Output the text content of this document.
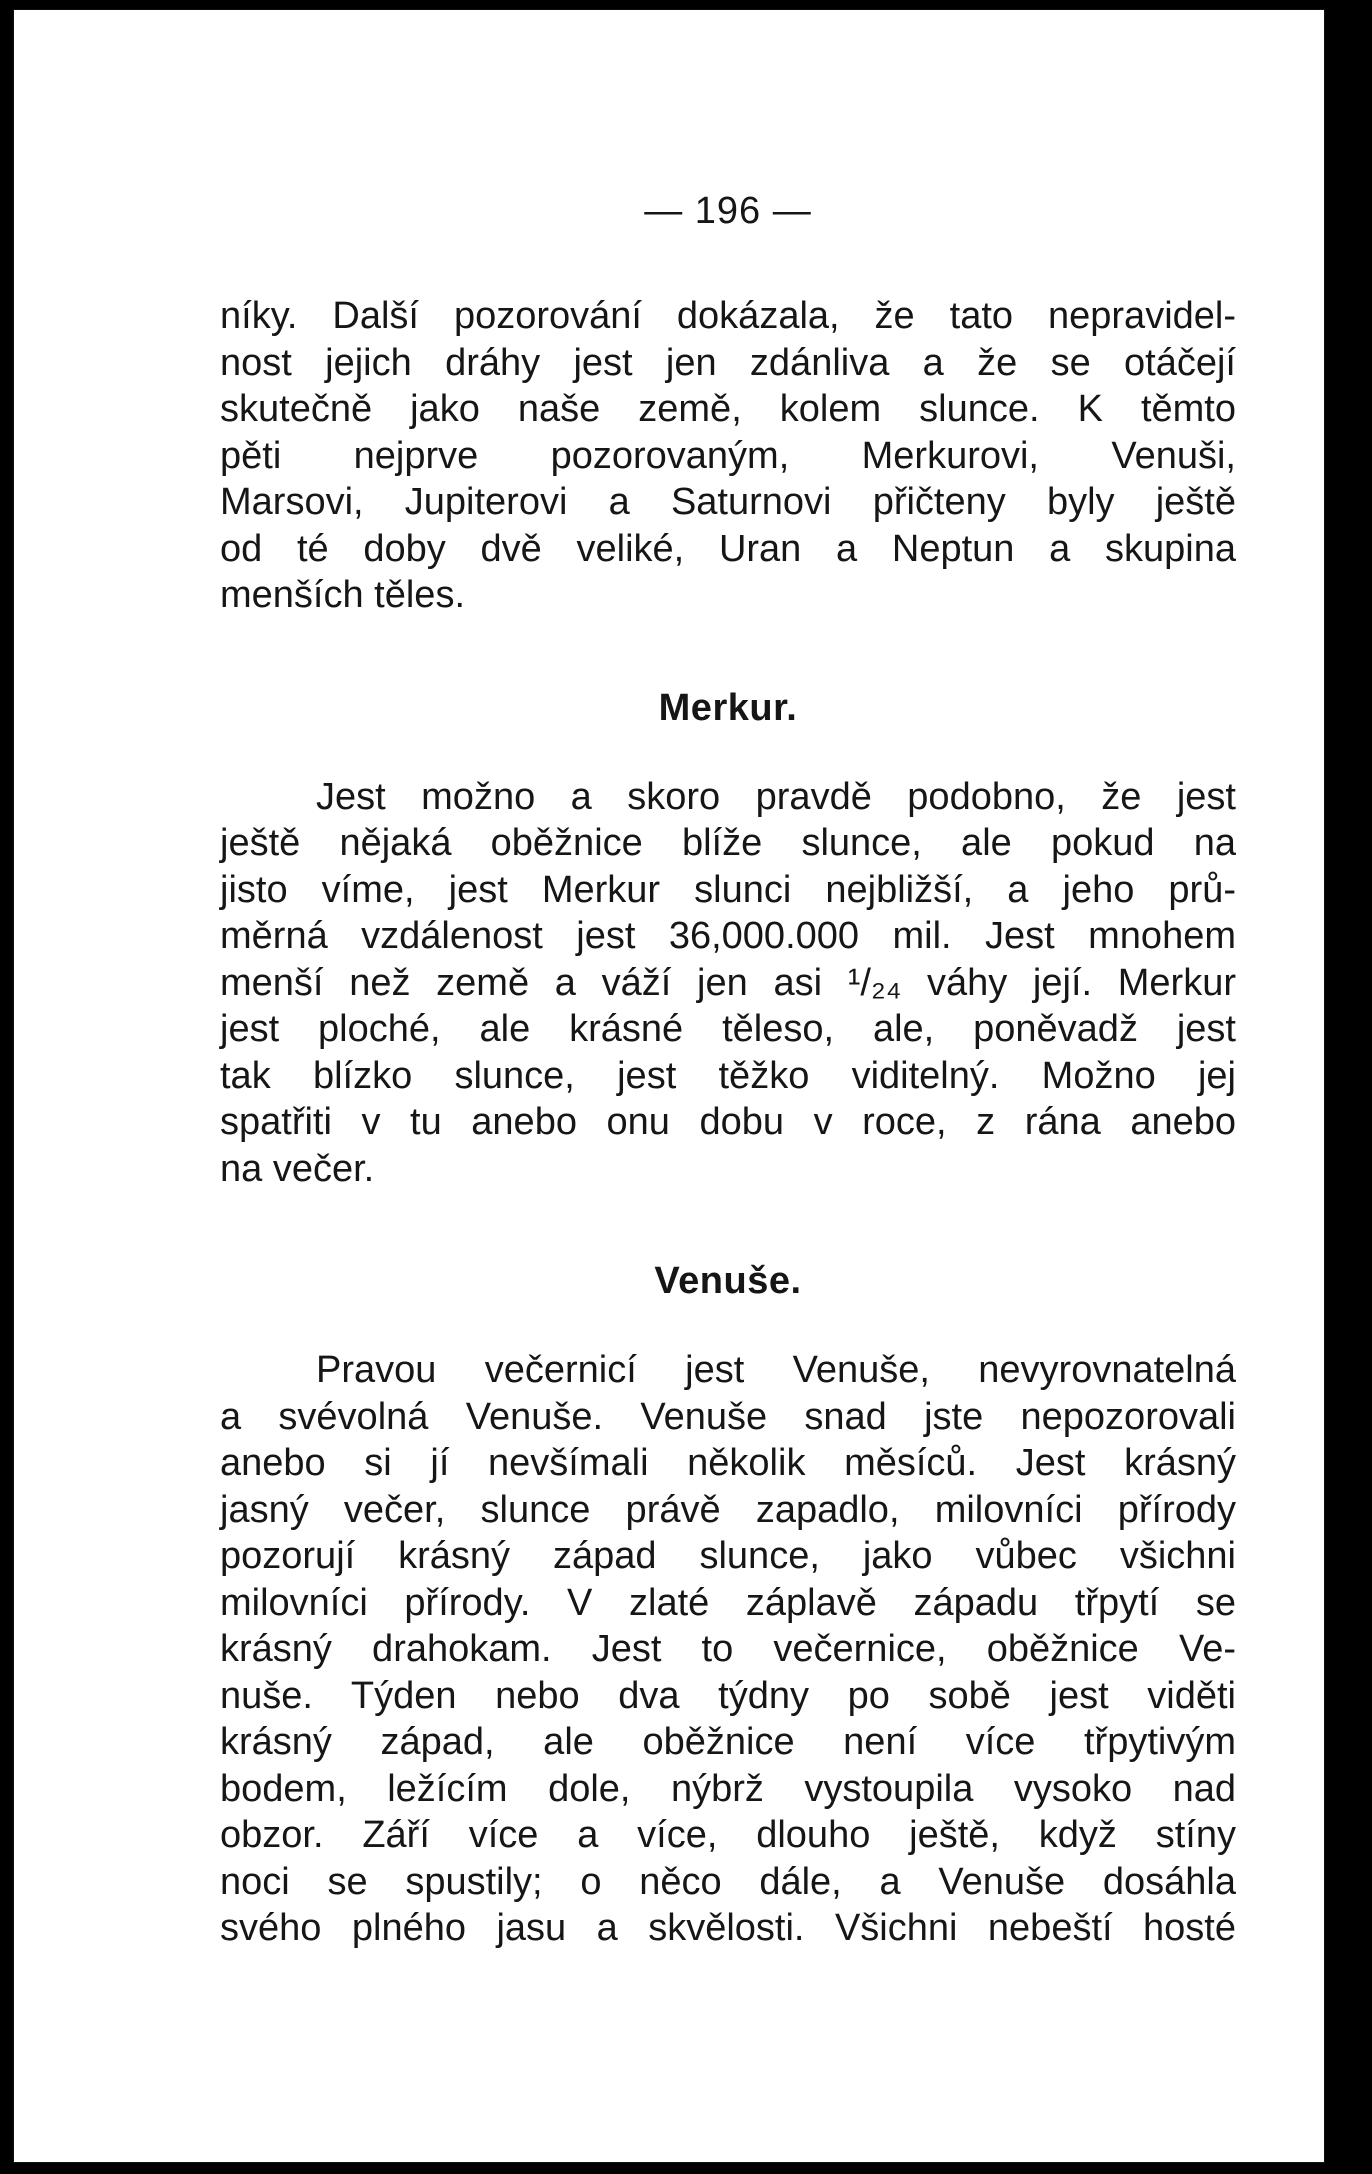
— 196 —
níky. Další pozorování dokázala, že tato nepravidel-
nost jejich dráhy jest jen zdánliva a že se otáčejí
skutečně jako naše země, kolem slunce. K těmto
pěti nejprve pozorovaným, Merkurovi, Venuši,
Marsovi, Jupiterovi a Saturnovi přičteny byly ještě
od té doby dvě veliké, Uran a Neptun a skupina
menších těles.
Merkur.
Jest možno a skoro pravdě podobno, že jest
ještě nějaká oběžnice blíže slunce, ale pokud na
jisto víme, jest Merkur slunci nejbližší, a jeho prů-
měrná vzdálenost jest 36,000.000 mil. Jest mnohem
menší než země a váží jen asi ¹/₂₄ váhy její. Merkur
jest ploché, ale krásné těleso, ale, poněvadž jest
tak blízko slunce, jest těžko viditelný. Možno jej
spatřiti v tu anebo onu dobu v roce, z rána anebo
na večer.
Venuše.
Pravou večernicí jest Venuše, nevyrovnatelná
a svévolná Venuše. Venuše snad jste nepozorovali
anebo si jí nevšímali několik měsíců. Jest krásný
jasný večer, slunce právě zapadlo, milovníci přírody
pozorují krásný západ slunce, jako vůbec všichni
milovníci přírody. V zlaté záplavě západu třpytí se
krásný drahokam. Jest to večernice, oběžnice Ve-
nuše. Týden nebo dva týdny po sobě jest viděti
krásný západ, ale oběžnice není více třpytivým
bodem, ležícím dole, nýbrž vystoupila vysoko nad
obzor. Září více a více, dlouho ještě, když stíny
noci se spustily; o něco dále, a Venuše dosáhla
svého plného jasu a skvělosti. Všichni nebeští hosté
